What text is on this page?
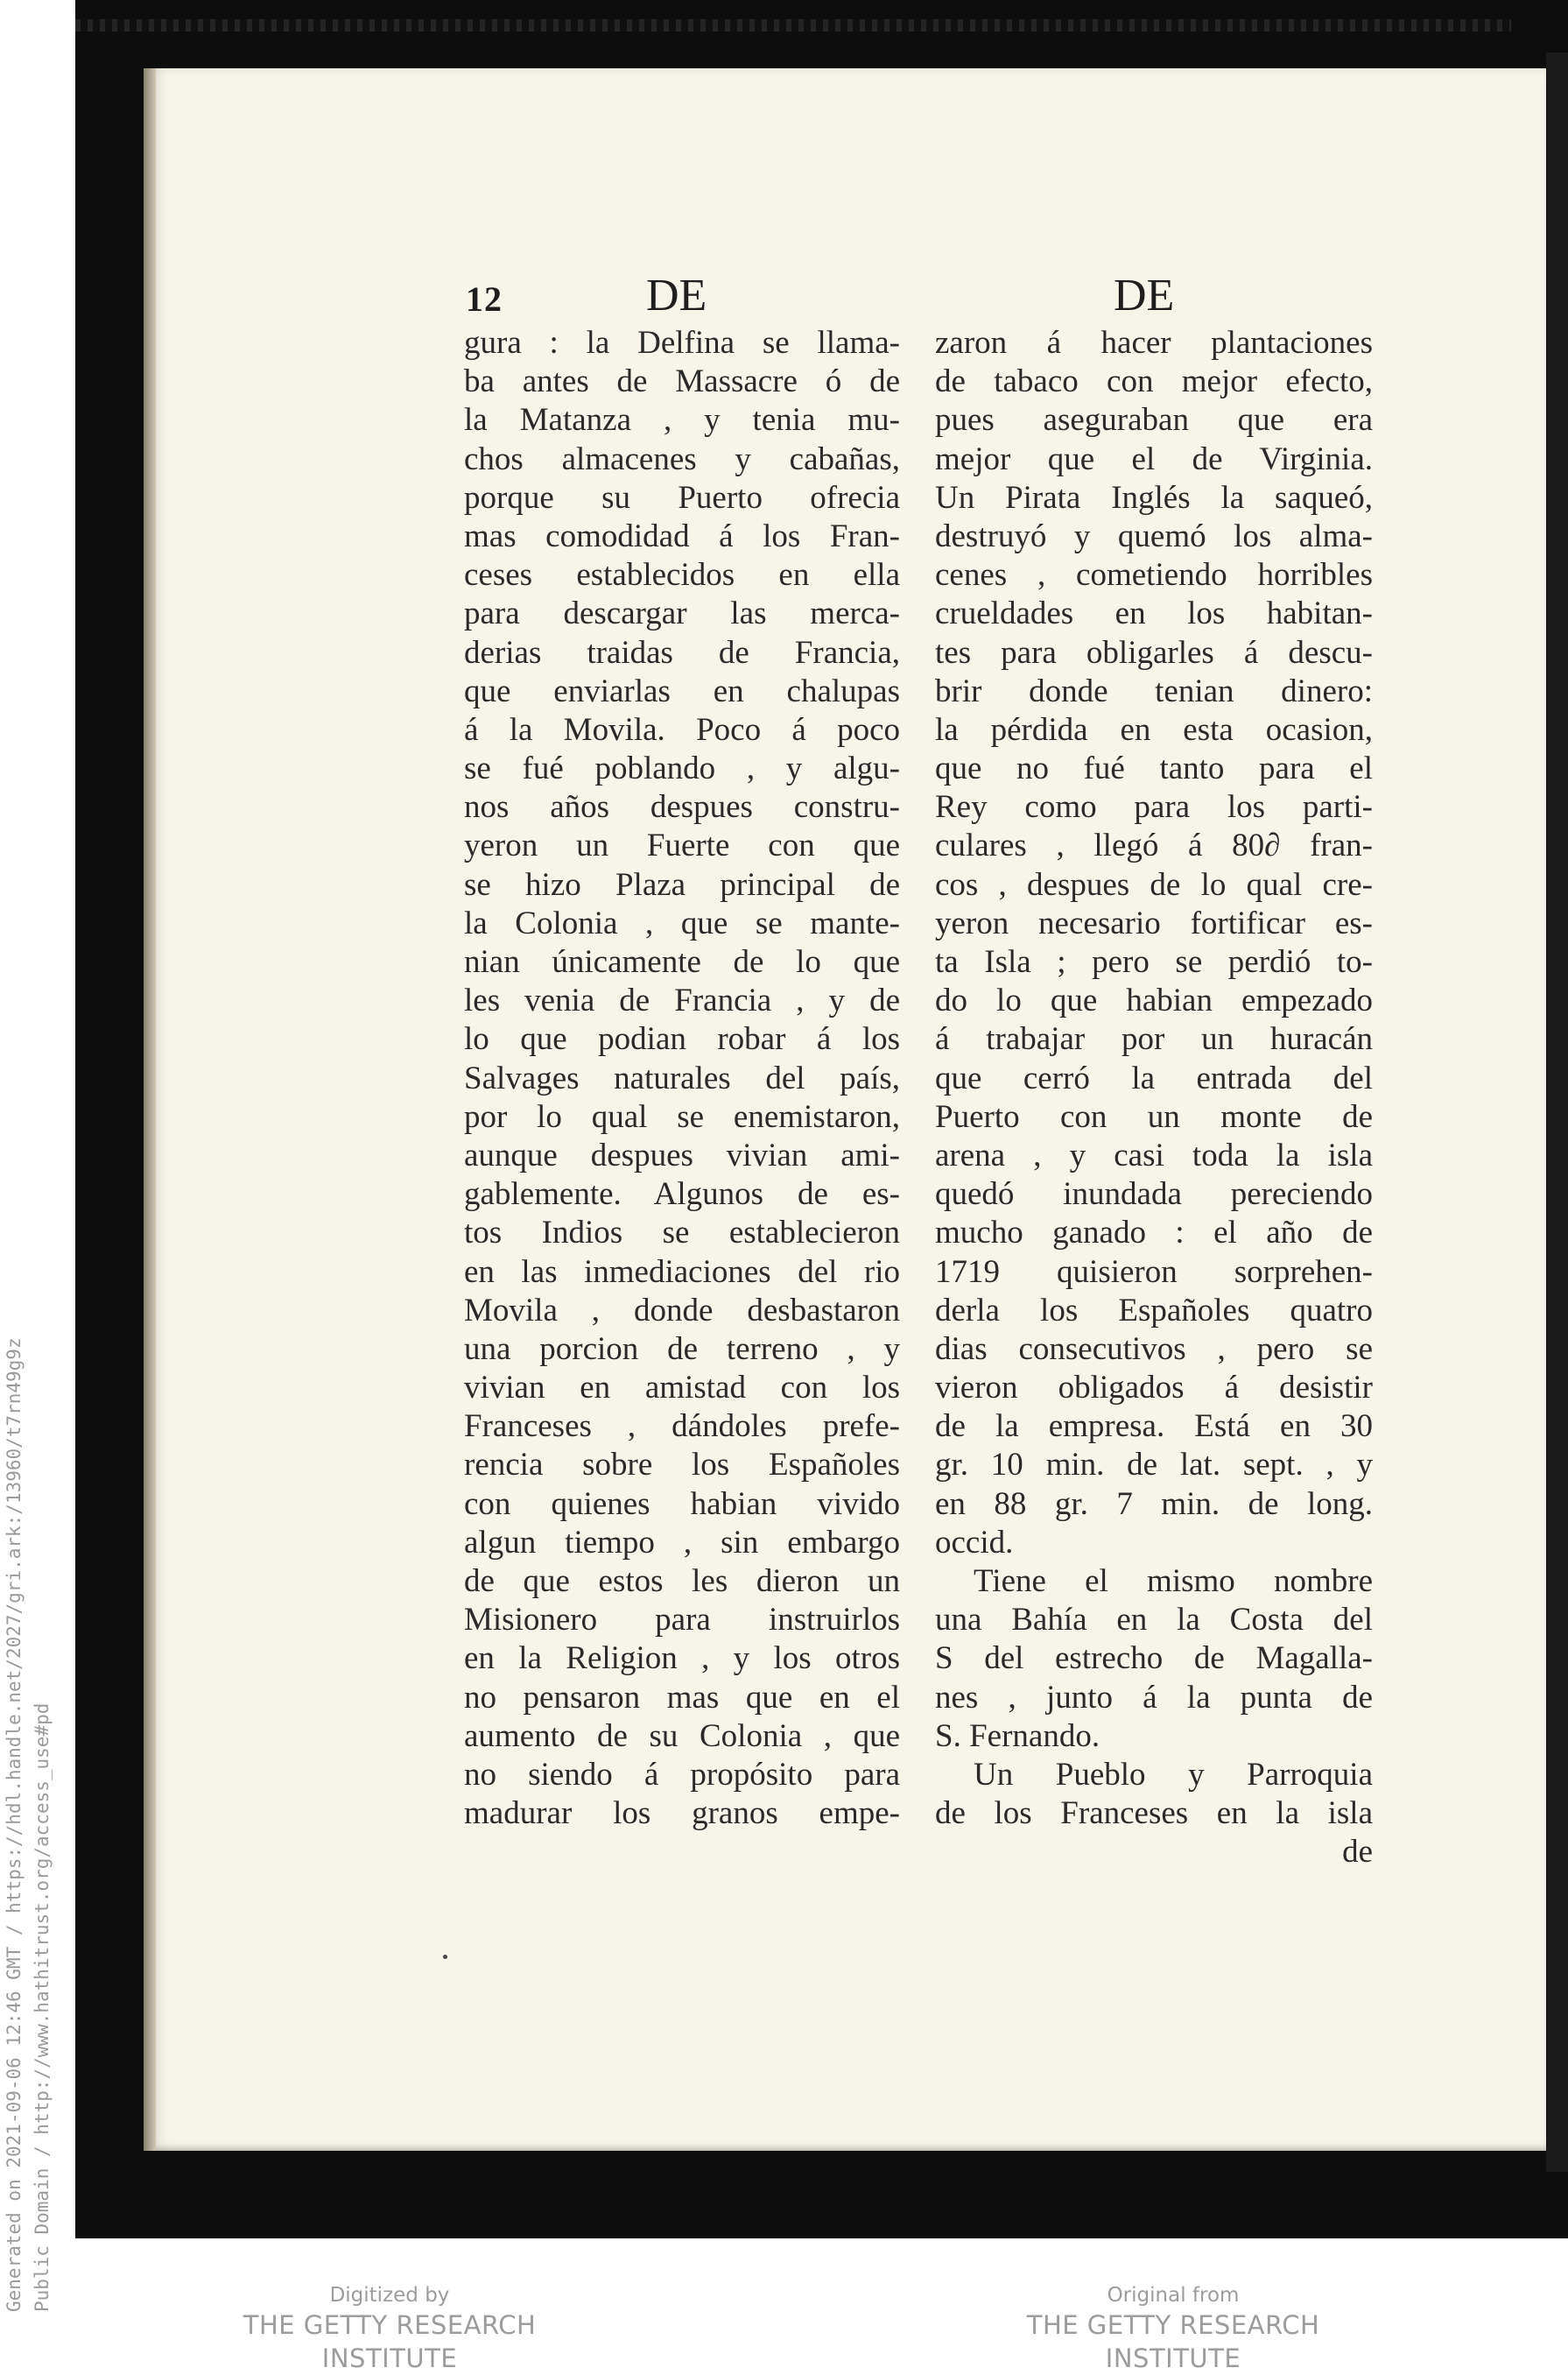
12	DE	DE
gura : la Delfina se llama-
ba antes de Massacre ó de
la Matanza , y tenia mu-
chos almacenes y cabañas,
porque su Puerto ofrecia
mas comodidad á los Fran-
ceses establecidos en ella
para descargar las merca-
derias traidas de Francia,
que enviarlas en chalupas
á la Movila. Poco á poco
se fué poblando , y algu-
nos años despues constru-
yeron un Fuerte con que
se hizo Plaza principal de
la Colonia , que se mante-
nian únicamente de lo que
les venia de Francia , y de
lo que podian robar á los
Salvages naturales del país,
por lo qual se enemistaron,
aunque despues vivian ami-
gablemente. Algunos de es-
tos Indios se establecieron
en las inmediaciones del rio
Movila , donde desbastaron
una porcion de terreno , y
vivian en amistad con los
Franceses , dándoles prefe-
rencia sobre los Españoles
con quienes habian vivido
algun tiempo , sin embargo
de que estos les dieron un
Misionero para instruirlos
en la Religion , y los otros
no pensaron mas que en el
aumento de su Colonia , que
no siendo á propósito para
madurar los granos empe-
zaron á hacer plantaciones
de tabaco con mejor efecto,
pues aseguraban que era
mejor que el de Virginia.
Un Pirata Inglés la saqueó,
destruyó y quemó los alma-
cenes , cometiendo horribles
crueldades en los habitan-
tes para obligarles á descu-
brir donde tenian dinero:
la pérdida en esta ocasion,
que no fué tanto para el
Rey como para los parti-
culares , llegó á 80∂ fran-
cos , despues de lo qual cre-
yeron necesario fortificar es-
ta Isla ; pero se perdió to-
do lo que habian empezado
á trabajar por un huracán
que cerró la entrada del
Puerto con un monte de
arena , y casi toda la isla
quedó inundada pereciendo
mucho ganado : el año de
1719 quisieron sorprehen-
derla los Españoles quatro
dias consecutivos , pero se
vieron obligados á desistir
de la empresa. Está en 30
gr. 10 min. de lat. sept. , y
en 88 gr. 7 min. de long.
occid.
Tiene el mismo nombre
una Bahía en la Costa del
S del estrecho de Magalla-
nes , junto á la punta de
S. Fernando.
Un Pueblo y Parroquia
de los Franceses en la isla
de
Generated on 2021-09-06 12:46 GMT / https://hdl.handle.net/2027/gri.ark:/13960/t7rn49g9z Public Domain / http://www.hathitrust.org/access_use#pd	Digitized by
THE GETTY RESEARCH INSTITUTE
Original from
THE GETTY RESEARCH INSTITUTE
